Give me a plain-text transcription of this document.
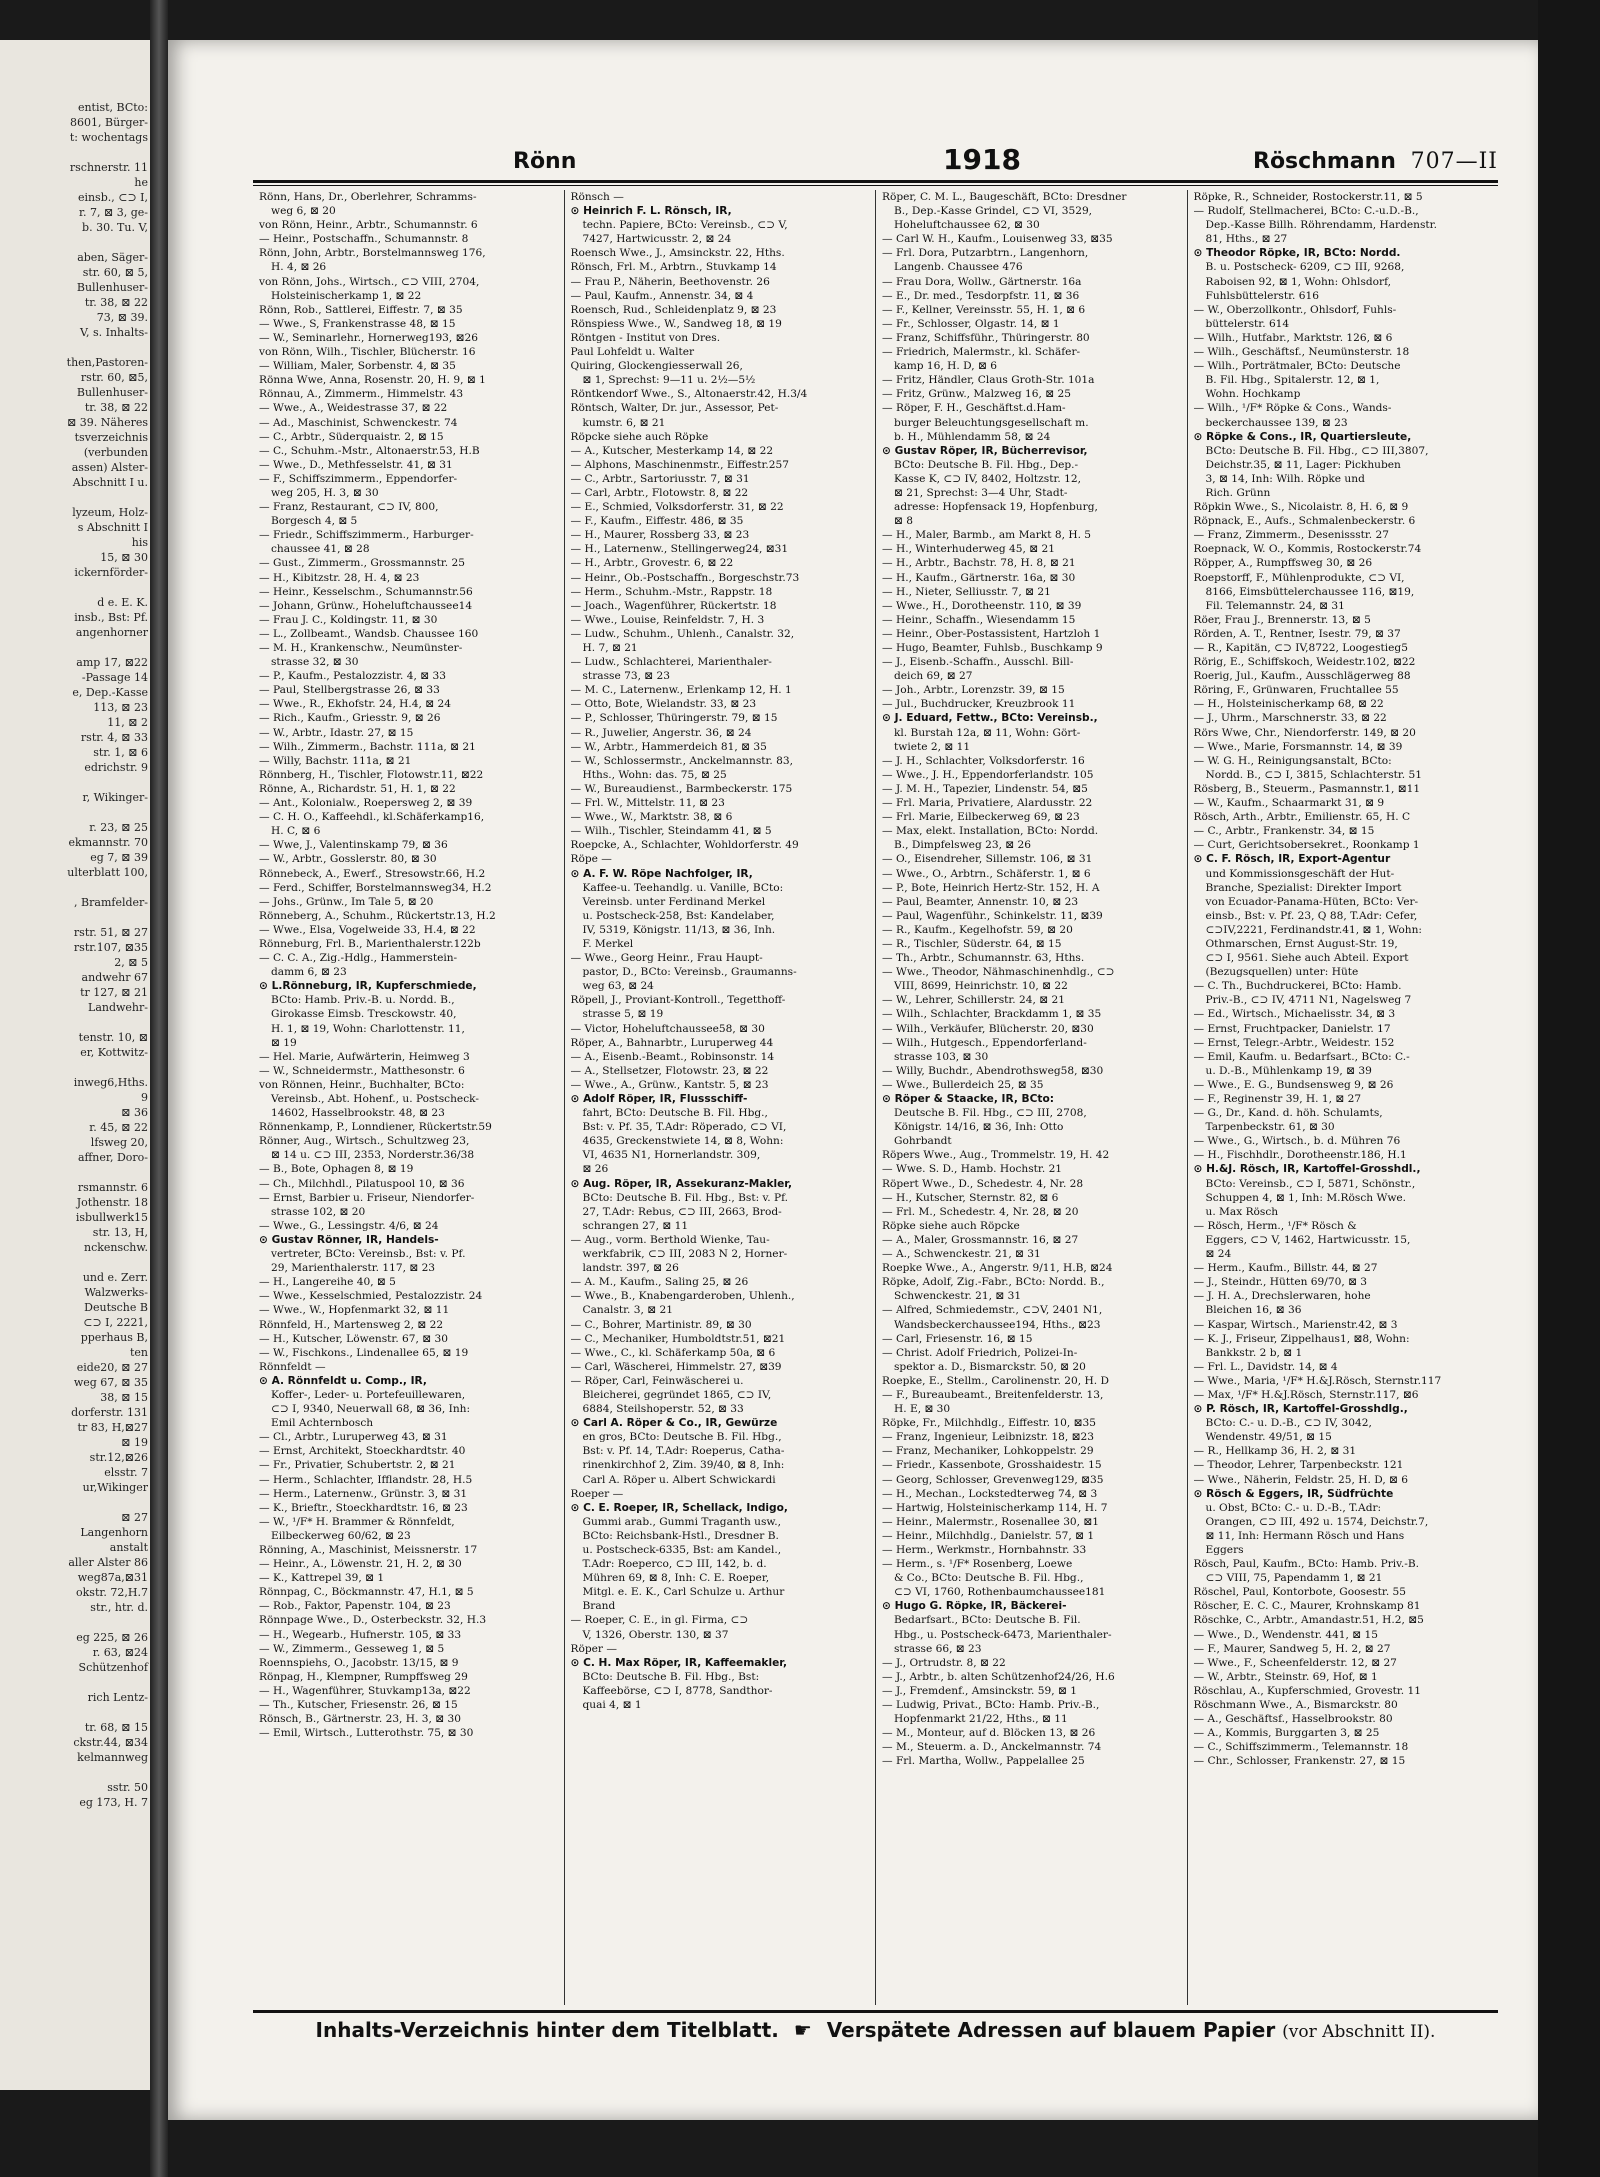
entist, BCto:
8601, Bürger-
t: wochentags

rschnerstr. 11
he
einsb., ⊂⊃ I,
r. 7, ⊠ 3, ge-
b. 30. Tu. V,

aben, Säger-
str. 60, ⊠ 5,
Bullenhuser-
tr. 38, ⊠ 22
73, ⊠ 39.
V, s. Inhalts-

then,Pastoren-
rstr. 60, ⊠5,
Bullenhuser-
tr. 38, ⊠ 22
⊠ 39. Näheres
tsverzeichnis
(verbunden
assen) Alster-
Abschnitt I u.

lyzeum, Holz-
s Abschnitt I
his
15, ⊠ 30
ickernförder-

d e. E. K.
insb., Bst: Pf.
angenhorner

amp 17, ⊠22
-Passage 14
e, Dep.-Kasse
113, ⊠ 23
11, ⊠ 2
rstr. 4, ⊠ 33
str. 1, ⊠ 6
edrichstr. 9

r, Wikinger-

r. 23, ⊠ 25
ekmannstr. 70
eg 7, ⊠ 39
ulterblatt 100,

, Bramfelder-

rstr. 51, ⊠ 27
rstr.107, ⊠35
2, ⊠ 5
andwehr 67
tr 127, ⊠ 21
Landwehr-

tenstr. 10, ⊠
er, Kottwitz-

inweg6,Hths.
9
⊠ 36
r. 45, ⊠ 22
lfsweg 20,
affner, Doro-

rsmannstr. 6
Jothenstr. 18
isbullwerk15
str. 13, H,
nckenschw.

und e. Zerr.
Walzwerks-
Deutsche B
⊂⊃ I, 2221,
pperhaus B,
ten
eide20, ⊠ 27
weg 67, ⊠ 35
38, ⊠ 15
dorferstr. 131
tr 83, H,⊠27
⊠ 19
str.12,⊠26
elsstr. 7
ur,Wikinger

⊠ 27
Langenhorn
anstalt
aller Alster 86
weg87a,⊠31
okstr. 72,H.7
str., htr. d.

eg 225, ⊠ 26
r. 63, ⊠24
Schützenhof

rich Lentz-

tr. 68, ⊠ 15
ckstr.44, ⊠34
kelmannweg

sstr. 50
eg 173, H. 7
Rönn	1918	Röschmann 707—II
Rönn, Hans, Dr., Oberlehrer, Schramms-
weg 6, ⊠ 20
von Rönn, Heinr., Arbtr., Schumannstr. 6
— Heinr., Postschaffn., Schumannstr. 8
Rönn, John, Arbtr., Borstelmannsweg 176,
H. 4, ⊠ 26
von Rönn, Johs., Wirtsch., ⊂⊃ VIII, 2704,
Holsteinischerkamp 1, ⊠ 22
Rönn, Rob., Sattlerei, Eiffestr. 7, ⊠ 35
— Wwe., S, Frankenstrasse 48, ⊠ 15
— W., Seminarlehr., Hornerweg193, ⊠26
von Rönn, Wilh., Tischler, Blücherstr. 16
— William, Maler, Sorbenstr. 4, ⊠ 35
Rönna Wwe, Anna, Rosenstr. 20, H. 9, ⊠ 1
Rönnau, A., Zimmerm., Himmelstr. 43
— Wwe., A., Weidestrasse 37, ⊠ 22
— Ad., Maschinist, Schwenckestr. 74
— C., Arbtr., Süderquaistr. 2, ⊠ 15
— C., Schuhm.-Mstr., Altonaerstr.53, H.B
— Wwe., D., Methfesselstr. 41, ⊠ 31
— F., Schiffszimmerm., Eppendorfer-
weg 205, H. 3, ⊠ 30
— Franz, Restaurant, ⊂⊃ IV, 800,
Borgesch 4, ⊠ 5
— Friedr., Schiffszimmerm., Harburger-
chaussee 41, ⊠ 28
— Gust., Zimmerm., Grossmannstr. 25
— H., Kibitzstr. 28, H. 4, ⊠ 23
— Heinr., Kesselschm., Schumannstr.56
— Johann, Grünw., Hoheluftchaussee14
— Frau J. C., Koldingstr. 11, ⊠ 30
— L., Zollbeamt., Wandsb. Chaussee 160
— M. H., Krankenschw., Neumünster-
strasse 32, ⊠ 30
— P., Kaufm., Pestalozzistr. 4, ⊠ 33
— Paul, Stellbergstrasse 26, ⊠ 33
— Wwe., R., Ekhofstr. 24, H.4, ⊠ 24
— Rich., Kaufm., Griesstr. 9, ⊠ 26
— W., Arbtr., Idastr. 27, ⊠ 15
— Wilh., Zimmerm., Bachstr. 111a, ⊠ 21
— Willy, Bachstr. 111a, ⊠ 21
Rönnberg, H., Tischler, Flotowstr.11, ⊠22
Rönne, A., Richardstr. 51, H. 1, ⊠ 22
— Ant., Kolonialw., Roepersweg 2, ⊠ 39
— C. H. O., Kaffeehdl., kl.Schäferkamp16,
H. C, ⊠ 6
— Wwe, J., Valentinskamp 79, ⊠ 36
— W., Arbtr., Gosslerstr. 80, ⊠ 30
Rönnebeck, A., Ewerf., Stresowstr.66, H.2
— Ferd., Schiffer, Borstelmannsweg34, H.2
— Johs., Grünw., Im Tale 5, ⊠ 20
Rönneberg, A., Schuhm., Rückertstr.13, H.2
— Wwe., Elsa, Vogelweide 33, H.4, ⊠ 22
Rönneburg, Frl. B., Marienthalerstr.122b
— C. C. A., Zig.-Hdlg., Hammerstein-
damm 6, ⊠ 23
⊙ L.Rönneburg, IR, Kupferschmiede,
BCto: Hamb. Priv.-B. u. Nordd. B.,
Girokasse Eimsb. Tresckowstr. 40,
H. 1, ⊠ 19, Wohn: Charlottenstr. 11,
⊠ 19
— Hel. Marie, Aufwärterin, Heimweg 3
— W., Schneidermstr., Matthesonstr. 6
von Rönnen, Heinr., Buchhalter, BCto:
Vereinsb., Abt. Hohenf., u. Postscheck-
14602, Hasselbrookstr. 48, ⊠ 23
Rönnenkamp, P., Lonndiener, Rückertstr.59
Rönner, Aug., Wirtsch., Schultzweg 23,
⊠ 14 u. ⊂⊃ III, 2353, Norderstr.36/38
— B., Bote, Ophagen 8, ⊠ 19
— Ch., Milchhdl., Pilatuspool 10, ⊠ 36
— Ernst, Barbier u. Friseur, Niendorfer-
strasse 102, ⊠ 20
— Wwe., G., Lessingstr. 4/6, ⊠ 24
⊙ Gustav Rönner, IR, Handels-
vertreter, BCto: Vereinsb., Bst: v. Pf.
29, Marienthalerstr. 117, ⊠ 23
— H., Langereihe 40, ⊠ 5
— Wwe., Kesselschmied, Pestalozzistr. 24
— Wwe., W., Hopfenmarkt 32, ⊠ 11
Rönnfeld, H., Martensweg 2, ⊠ 22
— H., Kutscher, Löwenstr. 67, ⊠ 30
— W., Fischkons., Lindenallee 65, ⊠ 19
Rönnfeldt —
⊙ A. Rönnfeldt u. Comp., IR,
Koffer-, Leder- u. Portefeuillewaren,
⊂⊃ I, 9340, Neuerwall 68, ⊠ 36, Inh:
Emil Achternbosch
— Cl., Arbtr., Luruperweg 43, ⊠ 31
— Ernst, Architekt, Stoeckhardtstr. 40
— Fr., Privatier, Schubertstr. 2, ⊠ 21
— Herm., Schlachter, Ifflandstr. 28, H.5
— Herm., Laternenw., Grünstr. 3, ⊠ 31
— K., Brieftr., Stoeckhardtstr. 16, ⊠ 23
— W., ¹/F* H. Brammer & Rönnfeldt,
Eilbeckerweg 60/62, ⊠ 23
Rönning, A., Maschinist, Meissnerstr. 17
— Heinr., A., Löwenstr. 21, H. 2, ⊠ 30
— K., Kattrepel 39, ⊠ 1
Rönnpag, C., Böckmannstr. 47, H.1, ⊠ 5
— Rob., Faktor, Papenstr. 104, ⊠ 23
Rönnpage Wwe., D., Osterbeckstr. 32, H.3
— H., Wegearb., Hufnerstr. 105, ⊠ 33
— W., Zimmerm., Gesseweg 1, ⊠ 5
Roennspiehs, O., Jacobstr. 13/15, ⊠ 9
Rönpag, H., Klempner, Rumpffsweg 29
— H., Wagenführer, Stuvkamp13a, ⊠22
— Th., Kutscher, Friesenstr. 26, ⊠ 15
Rönsch, B., Gärtnerstr. 23, H. 3, ⊠ 30
— Emil, Wirtsch., Lutterothstr. 75, ⊠ 30
Rönsch —
⊙ Heinrich F. L. Rönsch, IR,
techn. Papiere, BCto: Vereinsb., ⊂⊃ V,
7427, Hartwicusstr. 2, ⊠ 24
Roensch Wwe., J., Amsinckstr. 22, Hths.
Rönsch, Frl. M., Arbtrn., Stuvkamp 14
— Frau P., Näherin, Beethovenstr. 26
— Paul, Kaufm., Annenstr. 34, ⊠ 4
Roensch, Rud., Schleidenplatz 9, ⊠ 23
Rönspiess Wwe., W., Sandweg 18, ⊠ 19
Röntgen - Institut von Dres.
Paul Lohfeldt u. Walter
Quiring, Glockengiesserwall 26,
⊠ 1, Sprechst: 9—11 u. 2½—5½
Röntkendorf Wwe., S., Altonaerstr.42, H.3/4
Röntsch, Walter, Dr. jur., Assessor, Pet-
kumstr. 6, ⊠ 21
Röpcke siehe auch Röpke
— A., Kutscher, Mesterkamp 14, ⊠ 22
— Alphons, Maschinenmstr., Eiffestr.257
— C., Arbtr., Sartoriusstr. 7, ⊠ 31
— Carl, Arbtr., Flotowstr. 8, ⊠ 22
— E., Schmied, Volksdorferstr. 31, ⊠ 22
— F., Kaufm., Eiffestr. 486, ⊠ 35
— H., Maurer, Rossberg 33, ⊠ 23
— H., Laternenw., Stellingerweg24, ⊠31
— H., Arbtr., Grovestr. 6, ⊠ 22
— Heinr., Ob.-Postschaffn., Borgeschstr.73
— Herm., Schuhm.-Mstr., Rappstr. 18
— Joach., Wagenführer, Rückertstr. 18
— Wwe., Louise, Reinfeldstr. 7, H. 3
— Ludw., Schuhm., Uhlenh., Canalstr. 32,
H. 7, ⊠ 21
— Ludw., Schlachterei, Marienthaler-
strasse 73, ⊠ 23
— M. C., Laternenw., Erlenkamp 12, H. 1
— Otto, Bote, Wielandstr. 33, ⊠ 23
— P., Schlosser, Thüringerstr. 79, ⊠ 15
— R., Juwelier, Angerstr. 36, ⊠ 24
— W., Arbtr., Hammerdeich 81, ⊠ 35
— W., Schlossermstr., Anckelmannstr. 83,
Hths., Wohn: das. 75, ⊠ 25
— W., Bureaudienst., Barmbeckerstr. 175
— Frl. W., Mittelstr. 11, ⊠ 23
— Wwe., W., Marktstr. 38, ⊠ 6
— Wilh., Tischler, Steindamm 41, ⊠ 5
Roepcke, A., Schlachter, Wohldorferstr. 49
Röpe —
⊙ A. F. W. Röpe Nachfolger, IR,
Kaffee-u. Teehandlg. u. Vanille, BCto:
Vereinsb. unter Ferdinand Merkel
u. Postscheck-258, Bst: Kandelaber,
IV, 5319, Königstr. 11/13, ⊠ 36, Inh.
F. Merkel
— Wwe., Georg Heinr., Frau Haupt-
pastor, D., BCto: Vereinsb., Graumanns-
weg 63, ⊠ 24
Röpell, J., Proviant-Kontroll., Tegetthoff-
strasse 5, ⊠ 19
— Victor, Hoheluftchaussee58, ⊠ 30
Röper, A., Bahnarbtr., Luruperweg 44
— A., Eisenb.-Beamt., Robinsonstr. 14
— A., Stellsetzer, Flotowstr. 23, ⊠ 22
— Wwe., A., Grünw., Kantstr. 5, ⊠ 23
⊙ Adolf Röper, IR, Flussschiff-
fahrt, BCto: Deutsche B. Fil. Hbg.,
Bst: v. Pf. 35, T.Adr: Röperado, ⊂⊃ VI,
4635, Greckenstwiete 14, ⊠ 8, Wohn:
VI, 4635 N1, Hornerlandstr. 309,
⊠ 26
⊙ Aug. Röper, IR, Assekuranz-Makler,
BCto: Deutsche B. Fil. Hbg., Bst: v. Pf.
27, T.Adr: Rebus, ⊂⊃ III, 2663, Brod-
schrangen 27, ⊠ 11
— Aug., vorm. Berthold Wienke, Tau-
werkfabrik, ⊂⊃ III, 2083 N 2, Horner-
landstr. 397, ⊠ 26
— A. M., Kaufm., Saling 25, ⊠ 26
— Wwe., B., Knabengarderoben, Uhlenh.,
Canalstr. 3, ⊠ 21
— C., Bohrer, Martinistr. 89, ⊠ 30
— C., Mechaniker, Humboldtstr.51, ⊠21
— Wwe., C., kl. Schäferkamp 50a, ⊠ 6
— Carl, Wäscherei, Himmelstr. 27, ⊠39
— Röper, Carl, Feinwäscherei u.
Bleicherei, gegründet 1865, ⊂⊃ IV,
6884, Steilshoperstr. 52, ⊠ 33
⊙ Carl A. Röper & Co., IR, Gewürze
en gros, BCto: Deutsche B. Fil. Hbg.,
Bst: v. Pf. 14, T.Adr: Roeperus, Catha-
rinenkirchhof 2, Zim. 39/40, ⊠ 8, Inh:
Carl A. Röper u. Albert Schwickardi
Roeper —
⊙ C. E. Roeper, IR, Schellack, Indigo,
Gummi arab., Gummi Traganth usw.,
BCto: Reichsbank-Hstl., Dresdner B.
u. Postscheck-6335, Bst: am Kandel.,
T.Adr: Roeperco, ⊂⊃ III, 142, b. d.
Mühren 69, ⊠ 8, Inh: C. E. Roeper,
Mitgl. e. E. K., Carl Schulze u. Arthur
Brand
— Roeper, C. E., in gl. Firma, ⊂⊃
V, 1326, Oberstr. 130, ⊠ 37
Röper —
⊙ C. H. Max Röper, IR, Kaffeemakler,
BCto: Deutsche B. Fil. Hbg., Bst:
Kaffeebörse, ⊂⊃ I, 8778, Sandthor-
quai 4, ⊠ 1
Röper, C. M. L., Baugeschäft, BCto: Dresdner
B., Dep.-Kasse Grindel, ⊂⊃ VI, 3529,
Hoheluftchaussee 62, ⊠ 30
— Carl W. H., Kaufm., Louisenweg 33, ⊠35
— Frl. Dora, Putzarbtrn., Langenhorn,
Langenb. Chaussee 476
— Frau Dora, Wollw., Gärtnerstr. 16a
— E., Dr. med., Tesdorpfstr. 11, ⊠ 36
— F., Kellner, Vereinsstr. 55, H. 1, ⊠ 6
— Fr., Schlosser, Olgastr. 14, ⊠ 1
— Franz, Schiffsführ., Thüringerstr. 80
— Friedrich, Malermstr., kl. Schäfer-
kamp 16, H. D, ⊠ 6
— Fritz, Händler, Claus Groth-Str. 101a
— Fritz, Grünw., Malzweg 16, ⊠ 25
— Röper, F. H., Geschäftst.d.Ham-
burger Beleuchtungsgesellschaft m.
b. H., Mühlendamm 58, ⊠ 24
⊙ Gustav Röper, IR, Bücherrevisor,
BCto: Deutsche B. Fil. Hbg., Dep.-
Kasse K, ⊂⊃ IV, 8402, Holtzstr. 12,
⊠ 21, Sprechst: 3—4 Uhr, Stadt-
adresse: Hopfensack 19, Hopfenburg,
⊠ 8
— H., Maler, Barmb., am Markt 8, H. 5
— H., Winterhuderweg 45, ⊠ 21
— H., Arbtr., Bachstr. 78, H. 8, ⊠ 21
— H., Kaufm., Gärtnerstr. 16a, ⊠ 30
— H., Nieter, Selliusstr. 7, ⊠ 21
— Wwe., H., Dorotheenstr. 110, ⊠ 39
— Heinr., Schaffn., Wiesendamm 15
— Heinr., Ober-Postassistent, Hartzloh 1
— Hugo, Beamter, Fuhlsb., Buschkamp 9
— J., Eisenb.-Schaffn., Ausschl. Bill-
deich 69, ⊠ 27
— Joh., Arbtr., Lorenzstr. 39, ⊠ 15
— Jul., Buchdrucker, Kreuzbrook 11
⊙ J. Eduard, Fettw., BCto: Vereinsb.,
kl. Burstah 12a, ⊠ 11, Wohn: Gört-
twiete 2, ⊠ 11
— J. H., Schlachter, Volksdorferstr. 16
— Wwe., J. H., Eppendorferlandstr. 105
— J. M. H., Tapezier, Lindenstr. 54, ⊠5
— Frl. Maria, Privatiere, Alardusstr. 22
— Frl. Marie, Eilbeckerweg 69, ⊠ 23
— Max, elekt. Installation, BCto: Nordd.
B., Dimpfelsweg 23, ⊠ 26
— O., Eisendreher, Sillemstr. 106, ⊠ 31
— Wwe., O., Arbtrn., Schäferstr. 1, ⊠ 6
— P., Bote, Heinrich Hertz-Str. 152, H. A
— Paul, Beamter, Annenstr. 10, ⊠ 23
— Paul, Wagenführ., Schinkelstr. 11, ⊠39
— R., Kaufm., Kegelhofstr. 59, ⊠ 20
— R., Tischler, Süderstr. 64, ⊠ 15
— Th., Arbtr., Schumannstr. 63, Hths.
— Wwe., Theodor, Nähmaschinenhdlg., ⊂⊃
VIII, 8699, Heinrichstr. 10, ⊠ 22
— W., Lehrer, Schillerstr. 24, ⊠ 21
— Wilh., Schlachter, Brackdamm 1, ⊠ 35
— Wilh., Verkäufer, Blücherstr. 20, ⊠30
— Wilh., Hutgesch., Eppendorferland-
strasse 103, ⊠ 30
— Willy, Buchdr., Abendrothsweg58, ⊠30
— Wwe., Bullerdeich 25, ⊠ 35
⊙ Röper & Staacke, IR, BCto:
Deutsche B. Fil. Hbg., ⊂⊃ III, 2708,
Königstr. 14/16, ⊠ 36, Inh: Otto
Gohrbandt
Röpers Wwe., Aug., Trommelstr. 19, H. 42
— Wwe. S. D., Hamb. Hochstr. 21
Röpert Wwe., D., Schedestr. 4, Nr. 28
— H., Kutscher, Sternstr. 82, ⊠ 6
— Frl. M., Schedestr. 4, Nr. 28, ⊠ 20
Röpke siehe auch Röpcke
— A., Maler, Grossmannstr. 16, ⊠ 27
— A., Schwenckestr. 21, ⊠ 31
Roepke Wwe., A., Angerstr. 9/11, H.B, ⊠24
Röpke, Adolf, Zig.-Fabr., BCto: Nordd. B.,
Schwenckestr. 21, ⊠ 31
— Alfred, Schmiedemstr., ⊂⊃V, 2401 N1,
Wandsbeckerchaussee194, Hths., ⊠23
— Carl, Friesenstr. 16, ⊠ 15
— Christ. Adolf Friedrich, Polizei-In-
spektor a. D., Bismarckstr. 50, ⊠ 20
Roepke, E., Stellm., Carolinenstr. 20, H. D
— F., Bureaubeamt., Breitenfelderstr. 13,
H. E, ⊠ 30
Röpke, Fr., Milchhdlg., Eiffestr. 10, ⊠35
— Franz, Ingenieur, Leibnizstr. 18, ⊠23
— Franz, Mechaniker, Lohkoppelstr. 29
— Friedr., Kassenbote, Grosshaidestr. 15
— Georg, Schlosser, Grevenweg129, ⊠35
— H., Mechan., Lockstedterweg 74, ⊠ 3
— Hartwig, Holsteinischerkamp 114, H. 7
— Heinr., Malermstr., Rosenallee 30, ⊠1
— Heinr., Milchhdlg., Danielstr. 57, ⊠ 1
— Herm., Werkmstr., Hornbahnstr. 33
— Herm., s. ¹/F* Rosenberg, Loewe
& Co., BCto: Deutsche B. Fil. Hbg.,
⊂⊃ VI, 1760, Rothenbaumchaussee181
⊙ Hugo G. Röpke, IR, Bäckerei-
Bedarfsart., BCto: Deutsche B. Fil.
Hbg., u. Postscheck-6473, Marienthaler-
strasse 66, ⊠ 23
— J., Ortrudstr. 8, ⊠ 22
— J., Arbtr., b. alten Schützenhof24/26, H.6
— J., Fremdenf., Amsinckstr. 59, ⊠ 1
— Ludwig, Privat., BCto: Hamb. Priv.-B.,
Hopfenmarkt 21/22, Hths., ⊠ 11
— M., Monteur, auf d. Blöcken 13, ⊠ 26
— M., Steuerm. a. D., Anckelmannstr. 74
— Frl. Martha, Wollw., Pappelallee 25
Röpke, R., Schneider, Rostockerstr.11, ⊠ 5
— Rudolf, Stellmacherei, BCto: C.-u.D.-B.,
Dep.-Kasse Billh. Röhrendamm, Hardenstr.
81, Hths., ⊠ 27
⊙ Theodor Röpke, IR, BCto: Nordd.
B. u. Postscheck- 6209, ⊂⊃ III, 9268,
Raboisen 92, ⊠ 1, Wohn: Ohlsdorf,
Fuhlsbüttelerstr. 616
— W., Oberzollkontr., Ohlsdorf, Fuhls-
büttelerstr. 614
— Wilh., Hutfabr., Marktstr. 126, ⊠ 6
— Wilh., Geschäftsf., Neumünsterstr. 18
— Wilh., Porträtmaler, BCto: Deutsche
B. Fil. Hbg., Spitalerstr. 12, ⊠ 1,
Wohn. Hochkamp
— Wilh., ¹/F* Röpke & Cons., Wands-
beckerchaussee 139, ⊠ 23
⊙ Röpke & Cons., IR, Quartiersleute,
BCto: Deutsche B. Fil. Hbg., ⊂⊃ III,3807,
Deichstr.35, ⊠ 11, Lager: Pickhuben
3, ⊠ 14, Inh: Wilh. Röpke und
Rich. Grünn
Röpkin Wwe., S., Nicolaistr. 8, H. 6, ⊠ 9
Röpnack, E., Aufs., Schmalenbeckerstr. 6
— Franz, Zimmerm., Desenissstr. 27
Roepnack, W. O., Kommis, Rostockerstr.74
Röpper, A., Rumpffsweg 30, ⊠ 26
Roepstorff, F., Mühlenprodukte, ⊂⊃ VI,
8166, Eimsbüttelerchaussee 116, ⊠19,
Fil. Telemannstr. 24, ⊠ 31
Röer, Frau J., Brennerstr. 13, ⊠ 5
Rörden, A. T., Rentner, Isestr. 79, ⊠ 37
— R., Kapitän, ⊂⊃ IV,8722, Loogestieg5
Rörig, E., Schiffskoch, Weidestr.102, ⊠22
Roerig, Jul., Kaufm., Ausschlägerweg 88
Röring, F., Grünwaren, Fruchtallee 55
— H., Holsteinischerkamp 68, ⊠ 22
— J., Uhrm., Marschnerstr. 33, ⊠ 22
Rörs Wwe, Chr., Niendorferstr. 149, ⊠ 20
— Wwe., Marie, Forsmannstr. 14, ⊠ 39
— W. G. H., Reinigungsanstalt, BCto:
Nordd. B., ⊂⊃ I, 3815, Schlachterstr. 51
Rösberg, B., Steuerm., Pasmannstr.1, ⊠11
— W., Kaufm., Schaarmarkt 31, ⊠ 9
Rösch, Arth., Arbtr., Emilienstr. 65, H. C
— C., Arbtr., Frankenstr. 34, ⊠ 15
— Curt, Gerichtsobersekret., Roonkamp 1
⊙ C. F. Rösch, IR, Export-Agentur
und Kommissionsgeschäft der Hut-
Branche, Spezialist: Direkter Import
von Ecuador-Panama-Hüten, BCto: Ver-
einsb., Bst: v. Pf. 23, Q 88, T.Adr: Cefer,
⊂⊃IV,2221, Ferdinandstr.41, ⊠ 1, Wohn:
Othmarschen, Ernst August-Str. 19,
⊂⊃ I, 9561. Siehe auch Abteil. Export
(Bezugsquellen) unter: Hüte
— C. Th., Buchdruckerei, BCto: Hamb.
Priv.-B., ⊂⊃ IV, 4711 N1, Nagelsweg 7
— Ed., Wirtsch., Michaelisstr. 34, ⊠ 3
— Ernst, Fruchtpacker, Danielstr. 17
— Ernst, Telegr.-Arbtr., Weidestr. 152
— Emil, Kaufm. u. Bedarfsart., BCto: C.-
u. D.-B., Mühlenkamp 19, ⊠ 39
— Wwe., E. G., Bundsensweg 9, ⊠ 26
— F., Reginenstr 39, H. 1, ⊠ 27
— G., Dr., Kand. d. höh. Schulamts,
Tarpenbeckstr. 61, ⊠ 30
— Wwe., G., Wirtsch., b. d. Mühren 76
— H., Fischhdlr., Dorotheenstr.186, H.1
⊙ H.&J. Rösch, IR, Kartoffel-Grosshdl.,
BCto: Vereinsb., ⊂⊃ I, 5871, Schönstr.,
Schuppen 4, ⊠ 1, Inh: M.Rösch Wwe.
u. Max Rösch
— Rösch, Herm., ¹/F* Rösch &
Eggers, ⊂⊃ V, 1462, Hartwicusstr. 15,
⊠ 24
— Herm., Kaufm., Billstr. 44, ⊠ 27
— J., Steindr., Hütten 69/70, ⊠ 3
— J. H. A., Drechslerwaren, hohe
Bleichen 16, ⊠ 36
— Kaspar, Wirtsch., Marienstr.42, ⊠ 3
— K. J., Friseur, Zippelhaus1, ⊠8, Wohn:
Bankkstr. 2 b, ⊠ 1
— Frl. L., Davidstr. 14, ⊠ 4
— Wwe., Maria, ¹/F* H.&J.Rösch, Sternstr.117
— Max, ¹/F* H.&J.Rösch, Sternstr.117, ⊠6
⊙ P. Rösch, IR, Kartoffel-Grosshdlg.,
BCto: C.- u. D.-B., ⊂⊃ IV, 3042,
Wendenstr. 49/51, ⊠ 15
— R., Hellkamp 36, H. 2, ⊠ 31
— Theodor, Lehrer, Tarpenbeckstr. 121
— Wwe., Näherin, Feldstr. 25, H. D, ⊠ 6
⊙ Rösch & Eggers, IR, Südfrüchte
u. Obst, BCto: C.- u. D.-B., T.Adr:
Orangen, ⊂⊃ III, 492 u. 1574, Deichstr.7,
⊠ 11, Inh: Hermann Rösch und Hans
Eggers
Rösch, Paul, Kaufm., BCto: Hamb. Priv.-B.
⊂⊃ VIII, 75, Papendamm 1, ⊠ 21
Röschel, Paul, Kontorbote, Goosestr. 55
Röscher, E. C. C., Maurer, Krohnskamp 81
Röschke, C., Arbtr., Amandastr.51, H.2, ⊠5
— Wwe., D., Wendenstr. 441, ⊠ 15
— F., Maurer, Sandweg 5, H. 2, ⊠ 27
— Wwe., F., Scheenfelderstr. 12, ⊠ 27
— W., Arbtr., Steinstr. 69, Hof, ⊠ 1
Röschlau, A., Kupferschmied, Grovestr. 11
Röschmann Wwe., A., Bismarckstr. 80
— A., Geschäftsf., Hasselbrookstr. 80
— A., Kommis, Burggarten 3, ⊠ 25
— C., Schiffszimmerm., Telemannstr. 18
— Chr., Schlosser, Frankenstr. 27, ⊠ 15
Inhalts-Verzeichnis hinter dem Titelblatt. ☛ Verspätete Adressen auf blauem Papier (vor Abschnitt II).
